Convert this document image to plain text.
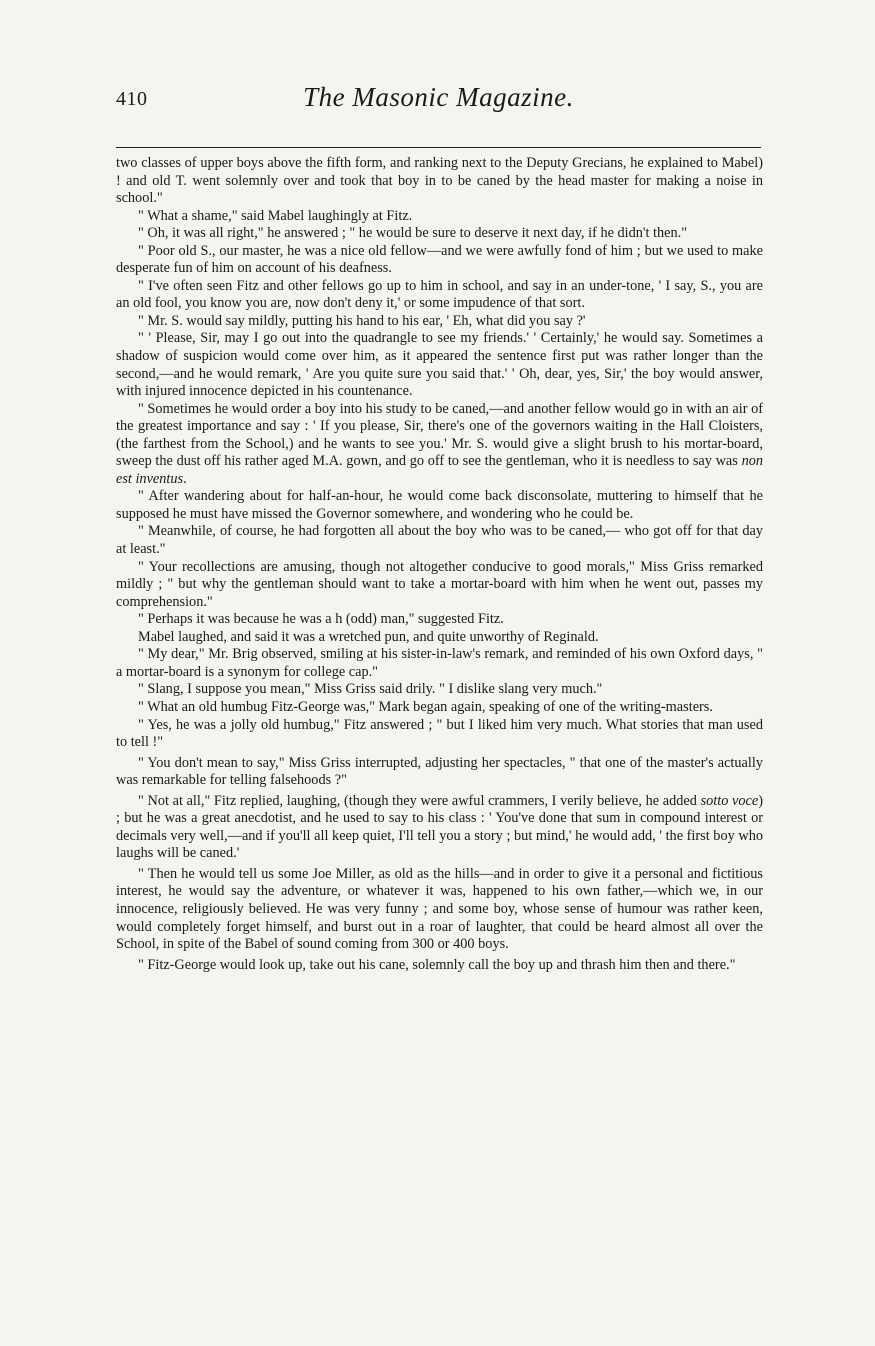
410	The Masonic Magazine.

two classes of upper boys above the fifth form, and ranking next to the Deputy Grecians, he explained to Mabel) ! and old T. went solemnly over and took that boy in to be caned by the head master for making a noise in school."

" What a shame," said Mabel laughingly at Fitz.

" Oh, it was all right," he answered ; " he would be sure to deserve it next day, if he didn't then."

" Poor old S., our master, he was a nice old fellow—and we were awfully fond of him ; but we used to make desperate fun of him on account of his deafness.

" I've often seen Fitz and other fellows go up to him in school, and say in an under-tone, ' I say, S., you are an old fool, you know you are, now don't deny it,' or some impudence of that sort.

" Mr. S. would say mildly, putting his hand to his ear, ' Eh, what did you say ?'

" ' Please, Sir, may I go out into the quadrangle to see my friends.' ' Certainly,' he would say. Sometimes a shadow of suspicion would come over him, as it appeared the sentence first put was rather longer than the second,—and he would remark, ' Are you quite sure you said that.' ' Oh, dear, yes, Sir,' the boy would answer, with injured innocence depicted in his countenance.

" Sometimes he would order a boy into his study to be caned,—and another fellow would go in with an air of the greatest importance and say : ' If you please, Sir, there's one of the governors waiting in the Hall Cloisters, (the farthest from the School,) and he wants to see you.' Mr. S. would give a slight brush to his mortar-board, sweep the dust off his rather aged M.A. gown, and go off to see the gentleman, who it is needless to say was non est inventus.

" After wandering about for half-an-hour, he would come back disconsolate, muttering to himself that he supposed he must have missed the Governor somewhere, and wondering who he could be.

" Meanwhile, of course, he had forgotten all about the boy who was to be caned,— who got off for that day at least."

" Your recollections are amusing, though not altogether conducive to good morals," Miss Griss remarked mildly ; " but why the gentleman should want to take a mortar-board with him when he went out, passes my comprehension."

" Perhaps it was because he was a h (odd) man," suggested Fitz.

Mabel laughed, and said it was a wretched pun, and quite unworthy of Reginald.

" My dear," Mr. Brig observed, smiling at his sister-in-law's remark, and reminded of his own Oxford days, " a mortar-board is a synonym for college cap."

" Slang, I suppose you mean," Miss Griss said drily. " I dislike slang very much."

" What an old humbug Fitz-George was," Mark began again, speaking of one of the writing-masters.

" Yes, he was a jolly old humbug," Fitz answered ; " but I liked him very much. What stories that man used to tell !"

" You don't mean to say," Miss Griss interrupted, adjusting her spectacles, " that one of the master's actually was remarkable for telling falsehoods ?"

" Not at all," Fitz replied, laughing, (though they were awful crammers, I verily believe, he added sotto voce) ; but he was a great anecdotist, and he used to say to his class : ' You've done that sum in compound interest or decimals very well,—and if you'll all keep quiet, I'll tell you a story ; but mind,' he would add, ' the first boy who laughs will be caned.'

" Then he would tell us some Joe Miller, as old as the hills—and in order to give it a personal and fictitious interest, he would say the adventure, or whatever it was, happened to his own father,—which we, in our innocence, religiously believed. He was very funny ; and some boy, whose sense of humour was rather keen, would completely forget himself, and burst out in a roar of laughter, that could be heard almost all over the School, in spite of the Babel of sound coming from 300 or 400 boys.

" Fitz-George would look up, take out his cane, solemnly call the boy up and thrash him then and there."
